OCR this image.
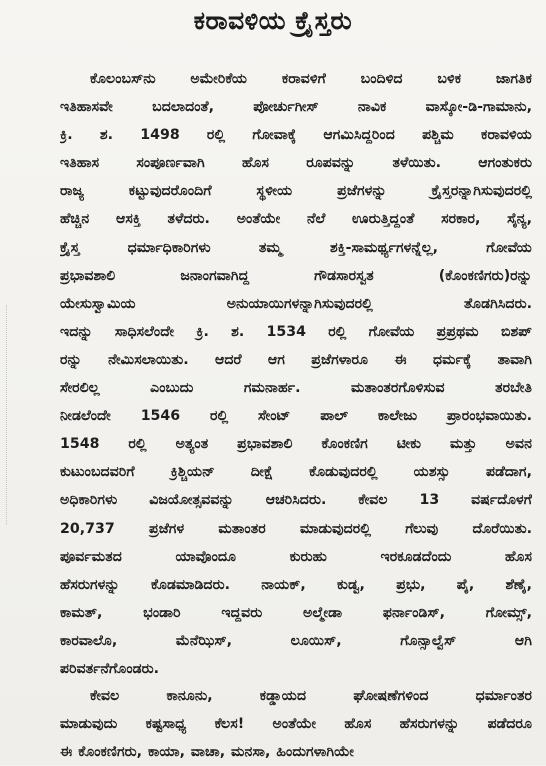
ಕರಾವಳಿಯ ಕ್ರೈಸ್ತರು
ಕೊಲಂಬಸ್‌ನು ಅಮೇರಿಕೆಯ ಕರಾವಳಿಗೆ ಬಂದಿಳಿದ ಬಳಿಕ ಜಾಗತಿಕ
ಇತಿಹಾಸವೇ ಬದಲಾದಂತೆ, ಪೋರ್ಚುಗೀಸ್ ನಾವಿಕ ವಾಸ್ಕೋ-ಡಿ-ಗಾಮಾನು,
ಕ್ರಿ. ಶ. 1498 ರಲ್ಲಿ ಗೋವಾಕ್ಕೆ ಆಗಮಿಸಿದ್ದರಿಂದ ಪಶ್ಚಿಮ ಕರಾವಳಿಯ
ಇತಿಹಾಸ ಸಂಪೂರ್ಣವಾಗಿ ಹೊಸ ರೂಪವನ್ನು ತಳೆಯಿತು. ಆಗಂತುಕರು
ರಾಜ್ಯ ಕಟ್ಟುವುದರೊಂದಿಗೆ ಸ್ಥಳೀಯ ಪ್ರಜೆಗಳನ್ನು ಕ್ರೈಸ್ತರನ್ನಾಗಿಸುವುದರಲ್ಲಿ
ಹೆಚ್ಚಿನ ಆಸಕ್ತಿ ತಳೆದರು. ಅಂತೆಯೇ ನೆಲೆ ಊರುತ್ತಿದ್ದಂತೆ ಸರಕಾರ, ಸೈನ್ಯ,
ಕ್ರೈಸ್ತ ಧರ್ಮಾಧಿಕಾರಿಗಳು ತಮ್ಮ ಶಕ್ತಿ-ಸಾಮರ್ಥ್ಯಗಳನ್ನೆಲ್ಲ, ಗೋವೆಯ
ಪ್ರಭಾವಶಾಲಿ ಜನಾಂಗವಾಗಿದ್ದ ಗೌಡಸಾರಸ್ವತ (ಕೊಂಕಣಿಗರು)ರನ್ನು
ಯೇಸುಸ್ವಾಮಿಯ ಅನುಯಾಯಿಗಳನ್ನಾಗಿಸುವುದರಲ್ಲಿ ತೊಡಗಿಸಿದರು.
ಇದನ್ನು ಸಾಧಿಸಲೆಂದೇ ಕ್ರಿ. ಶ. 1534 ರಲ್ಲಿ ಗೋವೆಯ ಪ್ರಪ್ರಥಮ ಬಿಶಪ್
ರನ್ನು ನೇಮಿಸಲಾಯಿತು. ಆದರೆ ಆಗ ಪ್ರಜೆಗಳಾರೂ ಈ ಧರ್ಮಕ್ಕೆ ತಾವಾಗಿ
ಸೇರಲಿಲ್ಲ ಎಂಬುದು ಗಮನಾರ್ಹ. ಮತಾಂತರಗೊಳಿಸುವ ತರಬೇತಿ
ನೀಡಲೆಂದೇ 1546 ರಲ್ಲಿ ಸೇಂಟ್ ಪಾಲ್ ಕಾಲೇಜು ಪ್ರಾರಂಭವಾಯಿತು.
1548 ರಲ್ಲಿ ಅತ್ಯಂತ ಪ್ರಭಾವಶಾಲಿ ಕೊಂಕಣಿಗ ಟೀಕು ಮತ್ತು ಅವನ
ಕುಟುಂಬದವರಿಗೆ ಕ್ರಿಶ್ಚಿಯನ್ ದೀಕ್ಷೆ ಕೊಡುವುದರಲ್ಲಿ ಯಶಸ್ಸು ಪಡೆದಾಗ,
ಅಧಿಕಾರಿಗಳು ವಿಜಯೋತ್ಸವವನ್ನು ಆಚರಿಸಿದರು. ಕೇವಲ 13 ವರ್ಷದೊಳಗೆ
20,737 ಪ್ರಜೆಗಳ ಮತಾಂತರ ಮಾಡುವುದರಲ್ಲಿ ಗೆಲುವು ದೊರೆಯಿತು.
ಪೂರ್ವಮತದ ಯಾವೊಂದೂ ಕುರುಹು ಇರಕೂಡದೆಂದು ಹೊಸ
ಹೆಸರುಗಳನ್ನು ಕೊಡಮಾಡಿದರು. ನಾಯಕ್, ಕುಡ್ವ, ಪ್ರಭು, ಪೈ, ಶೆಣೈ,
ಕಾಮತ್, ಭಂಡಾರಿ ಇದ್ದವರು ಅಲ್ಮೇಡಾ ಫರ್ನಾಂಡಿಸ್, ಗೋಮ್ಸ್,
ಕಾರವಾಲೊ, ಮೆನೆಝಿಸ್, ಲೂಯಿಸ್, ಗೊನ್ಸಾಲ್ವೆಸ್ ಆಗಿ
ಪರಿವರ್ತನೆಗೊಂಡರು.
ಕೇವಲ ಕಾನೂನು, ಕಡ್ಡಾಯದ ಘೋಷಣೆಗಳಿಂದ ಧರ್ಮಾಂತರ
ಮಾಡುವುದು ಕಷ್ಟಸಾಧ್ಯ ಕೆಲಸ! ಅಂತೆಯೇ ಹೊಸ ಹೆಸರುಗಳನ್ನು ಪಡೆದರೂ
ಈ ಕೊಂಕಣಿಗರು, ಕಾಯಾ, ವಾಚಾ, ಮನಸಾ, ಹಿಂದುಗಳಾಗಿಯೇ
